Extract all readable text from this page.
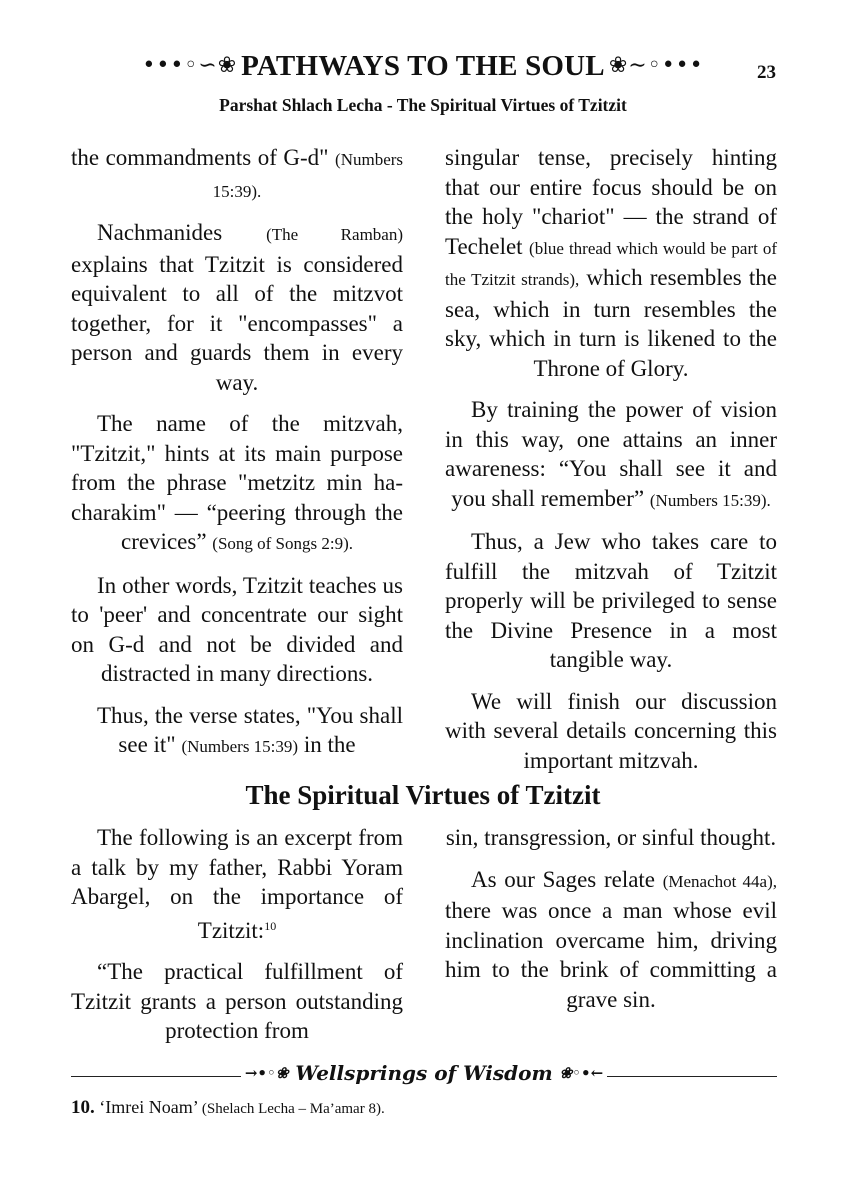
•••◦∽❀ PATHWAYS TO THE SOUL ❀∼◦•••	23
Parshat Shlach Lecha - The Spiritual Virtues of Tzitzit

the commandments of G-d" (Numbers 15:39).

Nachmanides	(The Ramban) explains that Tzitzit is considered equivalent to all of the mitzvot together, for it "encompasses" a person and guards them in every way.

The name of the mitzvah, "Tzitzit," hints at its main purpose from the phrase "metzitz min ha-charakim" — “peering through the crevices” (Song of Songs 2:9).

In other words, Tzitzit teaches us to 'peer' and concentrate our sight on G-d and not be divided and distracted in many directions.

Thus, the verse states, "You shall see it" (Numbers 15:39) in the

singular tense, precisely hinting that our entire focus should be on the holy "chariot" — the strand of Techelet (blue thread which would be part of the Tzitzit strands), which resembles the sea, which in turn resembles the sky, which in turn is likened to the Throne of Glory.

By training the power of vision in this way, one attains an inner awareness: “You shall see it and you shall remember” (Numbers 15:39).

Thus, a Jew who takes care to fulfill the mitzvah of Tzitzit properly will be privileged to sense the Divine Presence in a most tangible way.

We will finish our discussion with several details concerning this important mitzvah.

The Spiritual Virtues of Tzitzit

The following is an excerpt from a talk by my father, Rabbi Yoram Abargel, on the importance of Tzitzit:$^{10}$

“The practical fulfillment of Tzitzit grants a person outstanding protection from

sin, transgression, or sinful thought.

As our Sages relate (Menachot 44a), there was once a man whose evil inclination overcame him, driving him to the brink of committing a grave sin.

→•◦❀ Wellsprings of Wisdom ❀◦•←
10. ‘Imrei Noam’ (Shelach Lecha – Ma’amar 8).
